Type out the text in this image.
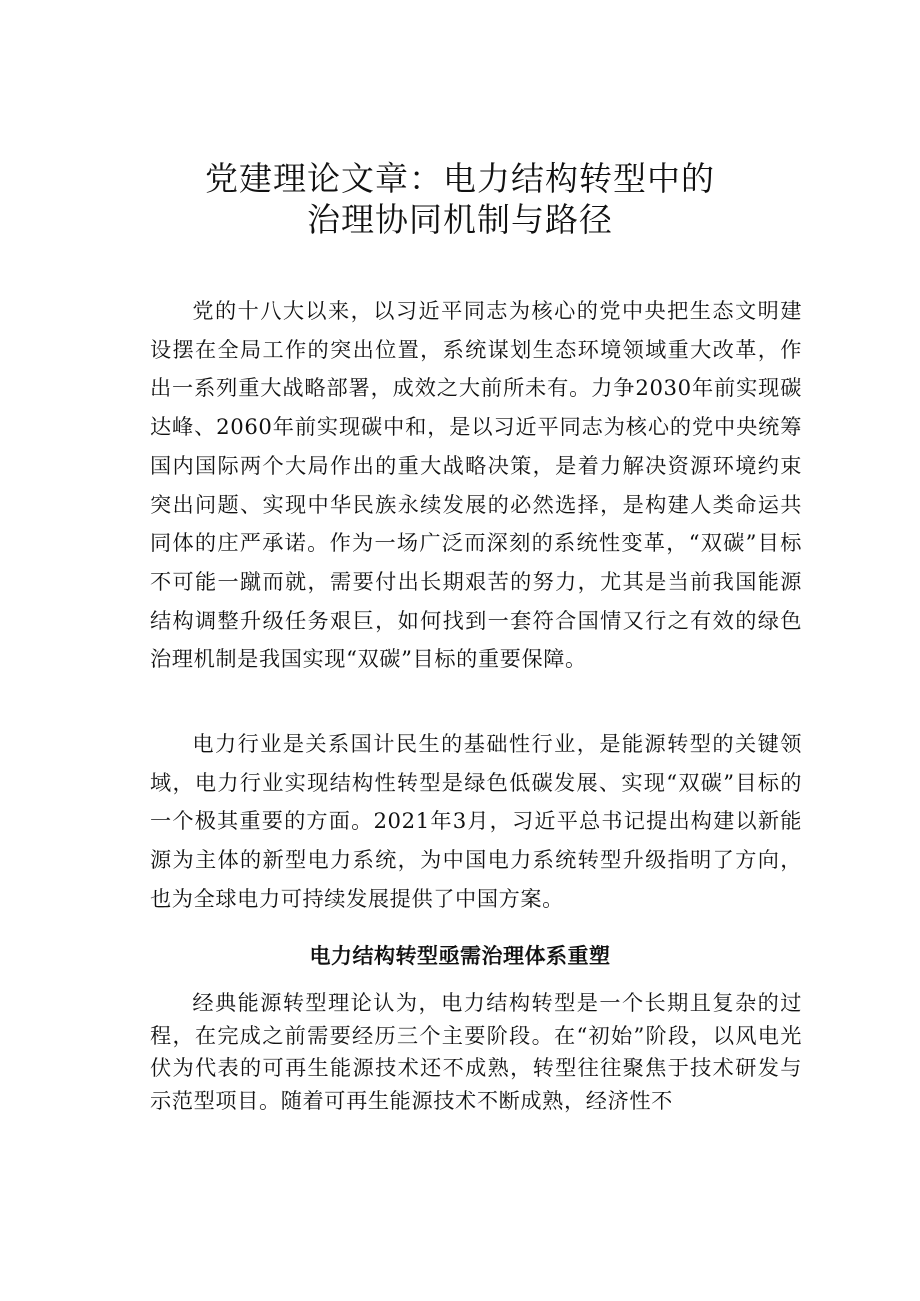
党建理论文章：电力结构转型中的
治理协同机制与路径

党的十八大以来，以习近平同志为核心的党中央把生态文明建设摆在全局工作的突出位置，系统谋划生态环境领域重大改革，作出一系列重大战略部署，成效之大前所未有。力争2030年前实现碳达峰、2060年前实现碳中和，是以习近平同志为核心的党中央统筹国内国际两个大局作出的重大战略决策，是着力解决资源环境约束突出问题、实现中华民族永续发展的必然选择，是构建人类命运共同体的庄严承诺。作为一场广泛而深刻的系统性变革，“双碳”目标不可能一蹴而就，需要付出长期艰苦的努力，尤其是当前我国能源结构调整升级任务艰巨，如何找到一套符合国情又行之有效的绿色治理机制是我国实现“双碳”目标的重要保障。

电力行业是关系国计民生的基础性行业，是能源转型的关键领域，电力行业实现结构性转型是绿色低碳发展、实现“双碳”目标的一个极其重要的方面。2021年3月，习近平总书记提出构建以新能源为主体的新型电力系统，为中国电力系统转型升级指明了方向，也为全球电力可持续发展提供了中国方案。

电力结构转型亟需治理体系重塑

经典能源转型理论认为，电力结构转型是一个长期且复杂的过程，在完成之前需要经历三个主要阶段。在“初始”阶段，以风电光伏为代表的可再生能源技术还不成熟，转型往往聚焦于技术研发与示范型项目。随着可再生能源技术不断成熟，经济性不
